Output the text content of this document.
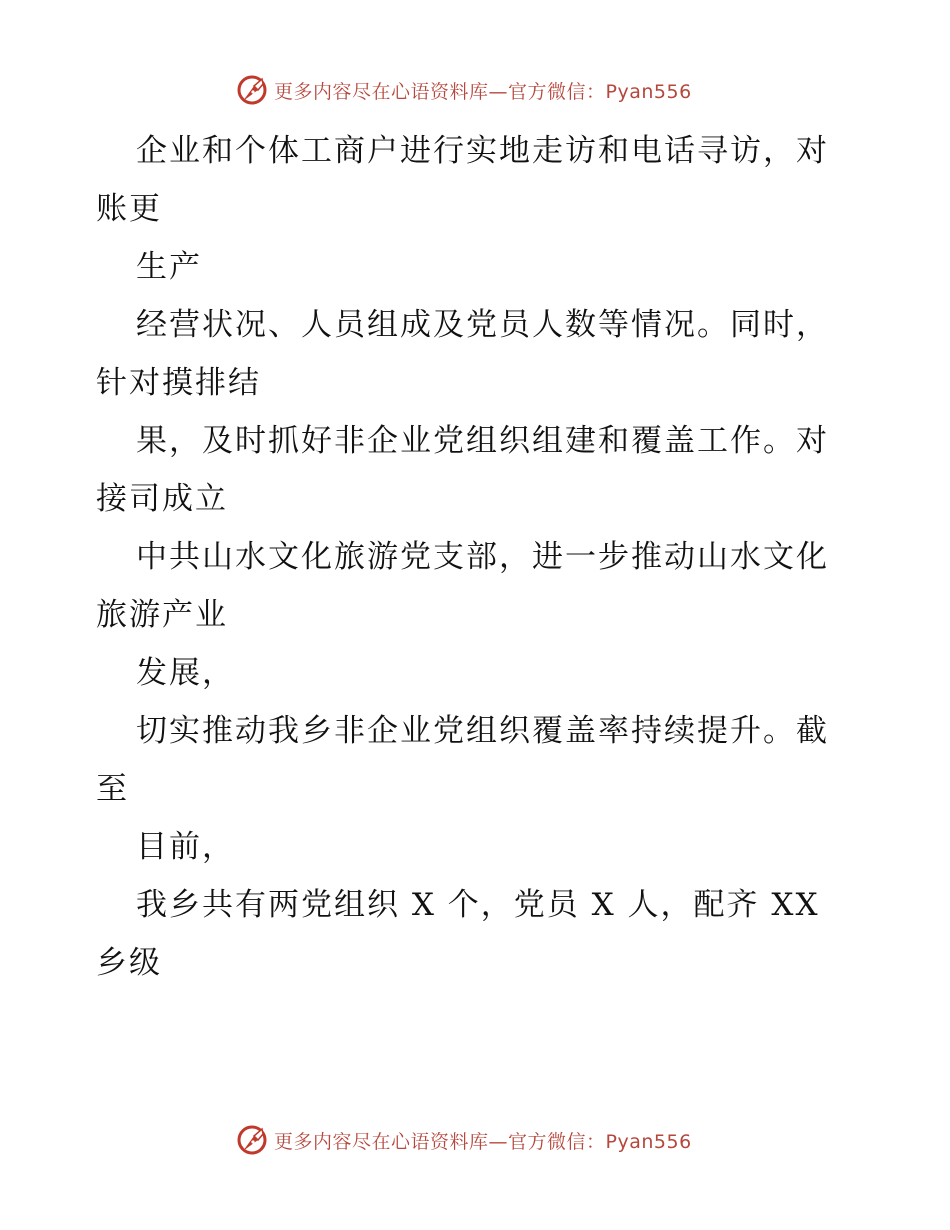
更多内容尽在心语资料库—官方微信：Pyan556
企业和个体工商户进行实地走访和电话寻访，对
账更
生产
经营状况、人员组成及党员人数等情况。同时，
针对摸排结
果，及时抓好非企业党组织组建和覆盖工作。对
接司成立
中共山水文化旅游党支部，进一步推动山水文化
旅游产业
发展，
切实推动我乡非企业党组织覆盖率持续提升。截
至
目前，
我乡共有两党组织 X 个，党员 X 人，配齐 XX
乡级
更多内容尽在心语资料库—官方微信：Pyan556
